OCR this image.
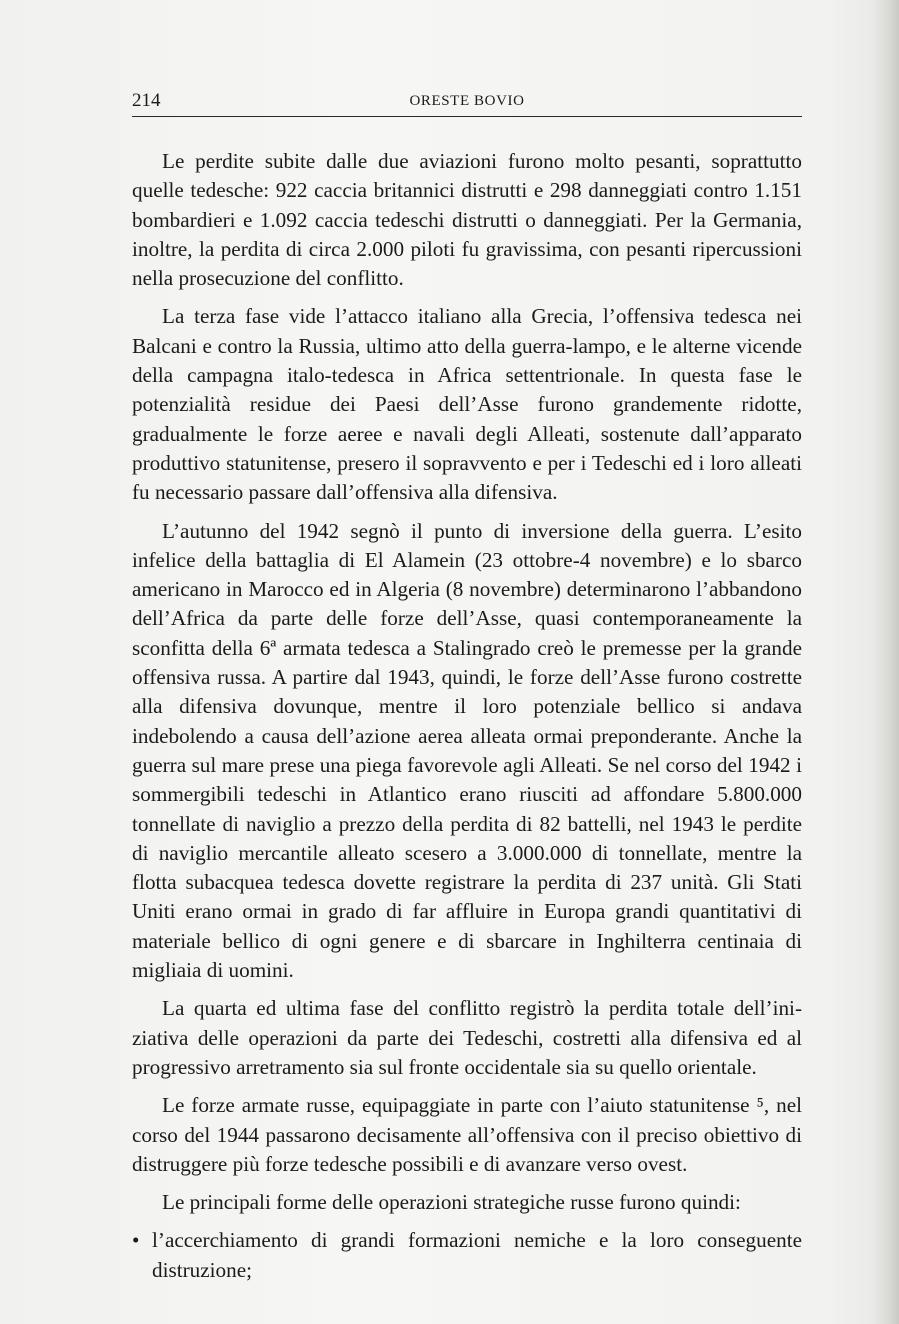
214	ORESTE BOVIO

Le perdite subite dalle due aviazioni furono molto pesanti, soprattutto quelle tedesche: 922 caccia britannici distrutti e 298 danneggiati contro 1.151 bombardieri e 1.092 caccia tedeschi distrutti o danneggiati. Per la Germania, inoltre, la perdita di circa 2.000 piloti fu gravissima, con pesanti ripercussioni nella prosecuzione del conflitto.

La terza fase vide l’attacco italiano alla Grecia, l’offensiva tedesca nei Balcani e contro la Russia, ultimo atto della guerra-lampo, e le alterne vicende della campagna italo-tedesca in Africa settentrionale. In questa fase le potenzialità residue dei Paesi dell’Asse furono grandemente ridotte, gradualmente le forze aeree e navali degli Alleati, sostenute dall’apparato produttivo statunitense, presero il sopravvento e per i Tedeschi ed i loro alleati fu necessario passare dall’offensiva alla difensiva.

L’autunno del 1942 segnò il punto di inversione della guerra. L’esito infelice della battaglia di El Alamein (23 ottobre-4 novembre) e lo sbarco americano in Marocco ed in Algeria (8 novembre) determinarono l’abbandono dell’Africa da parte delle forze dell’Asse, quasi contemporaneamente la sconfitta della 6ª armata tedesca a Stalingrado creò le premesse per la grande offensiva russa. A partire dal 1943, quindi, le forze dell’Asse furono costrette alla difensiva dovunque, mentre il loro potenziale bellico si andava indebolendo a causa dell’azione aerea alleata ormai preponderante. Anche la guerra sul mare prese una piega favorevole agli Alleati. Se nel corso del 1942 i sommergibili tedeschi in Atlantico erano riusciti ad affondare 5.800.000 tonnellate di naviglio a prezzo della perdita di 82 battelli, nel 1943 le perdite di naviglio mercantile alleato scesero a 3.000.000 di tonnellate, mentre la flotta subacquea tedesca dovette registrare la perdita di 237 unità. Gli Stati Uniti erano ormai in grado di far affluire in Europa grandi quantitativi di materiale bellico di ogni genere e di sbarcare in Inghilterra centinaia di migliaia di uomini.

La quarta ed ultima fase del conflitto registrò la perdita totale dell’iniziativa delle operazioni da parte dei Tedeschi, costretti alla difensiva ed al progressivo arretramento sia sul fronte occidentale sia su quello orientale.

Le forze armate russe, equipaggiate in parte con l’aiuto statunitense ⁵, nel corso del 1944 passarono decisamente all’offensiva con il preciso obiettivo di distruggere più forze tedesche possibili e di avanzare verso ovest.

Le principali forme delle operazioni strategiche russe furono quindi:

• l’accerchiamento di grandi formazioni nemiche e la loro conseguente distruzione;
